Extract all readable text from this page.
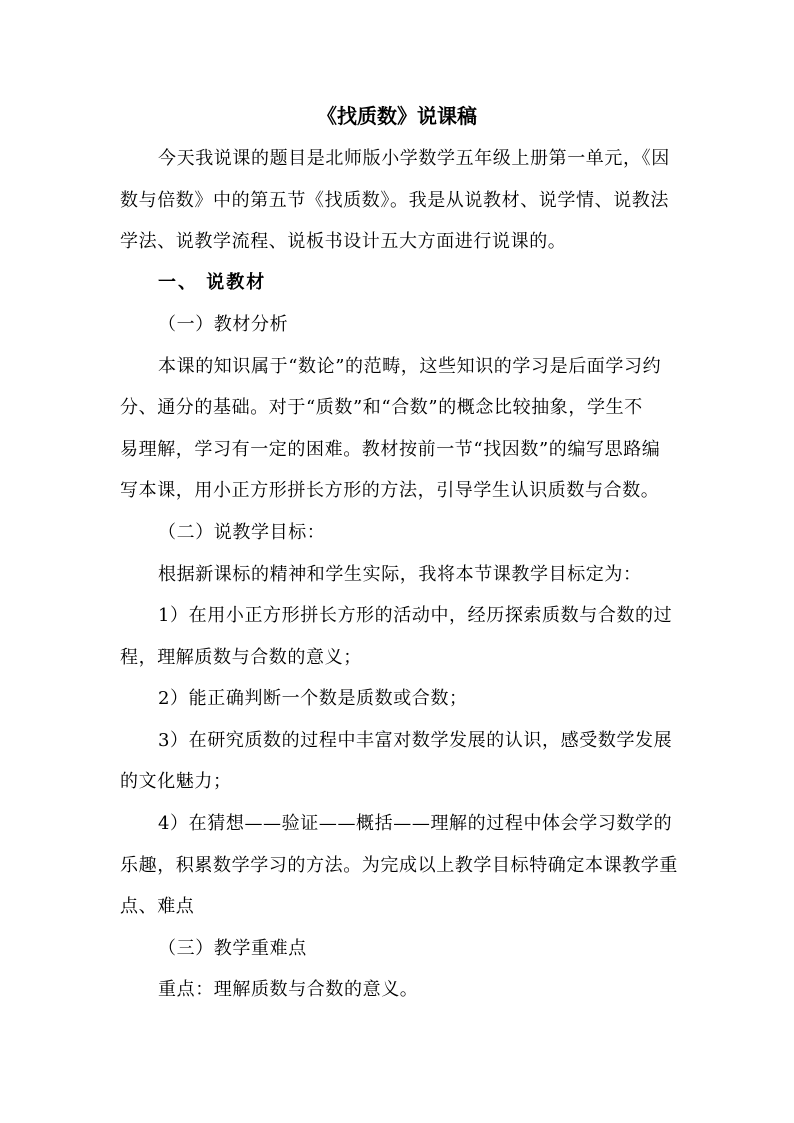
《找质数》说课稿
今天我说课的题目是北师版小学数学五年级上册第一单元，《因
数与倍数》中的第五节《找质数》。我是从说教材、说学情、说教法
学法、说教学流程、说板书设计五大方面进行说课的。
一、 说教材
（一）教材分析
本课的知识属于“数论”的范畴，这些知识的学习是后面学习约
分、通分的基础。对于“质数”和“合数”的概念比较抽象，学生不
易理解，学习有一定的困难。教材按前一节“找因数”的编写思路编
写本课，用小正方形拼长方形的方法，引导学生认识质数与合数。
（二）说教学目标：
根据新课标的精神和学生实际，我将本节课教学目标定为：
1）在用小正方形拼长方形的活动中，经历探索质数与合数的过
程，理解质数与合数的意义；
2）能正确判断一个数是质数或合数；
3）在研究质数的过程中丰富对数学发展的认识，感受数学发展
的文化魅力；
4）在猜想——验证——概括——理解的过程中体会学习数学的
乐趣，积累数学学习的方法。为完成以上教学目标特确定本课教学重
点、难点
（三）教学重难点
重点：理解质数与合数的意义。
